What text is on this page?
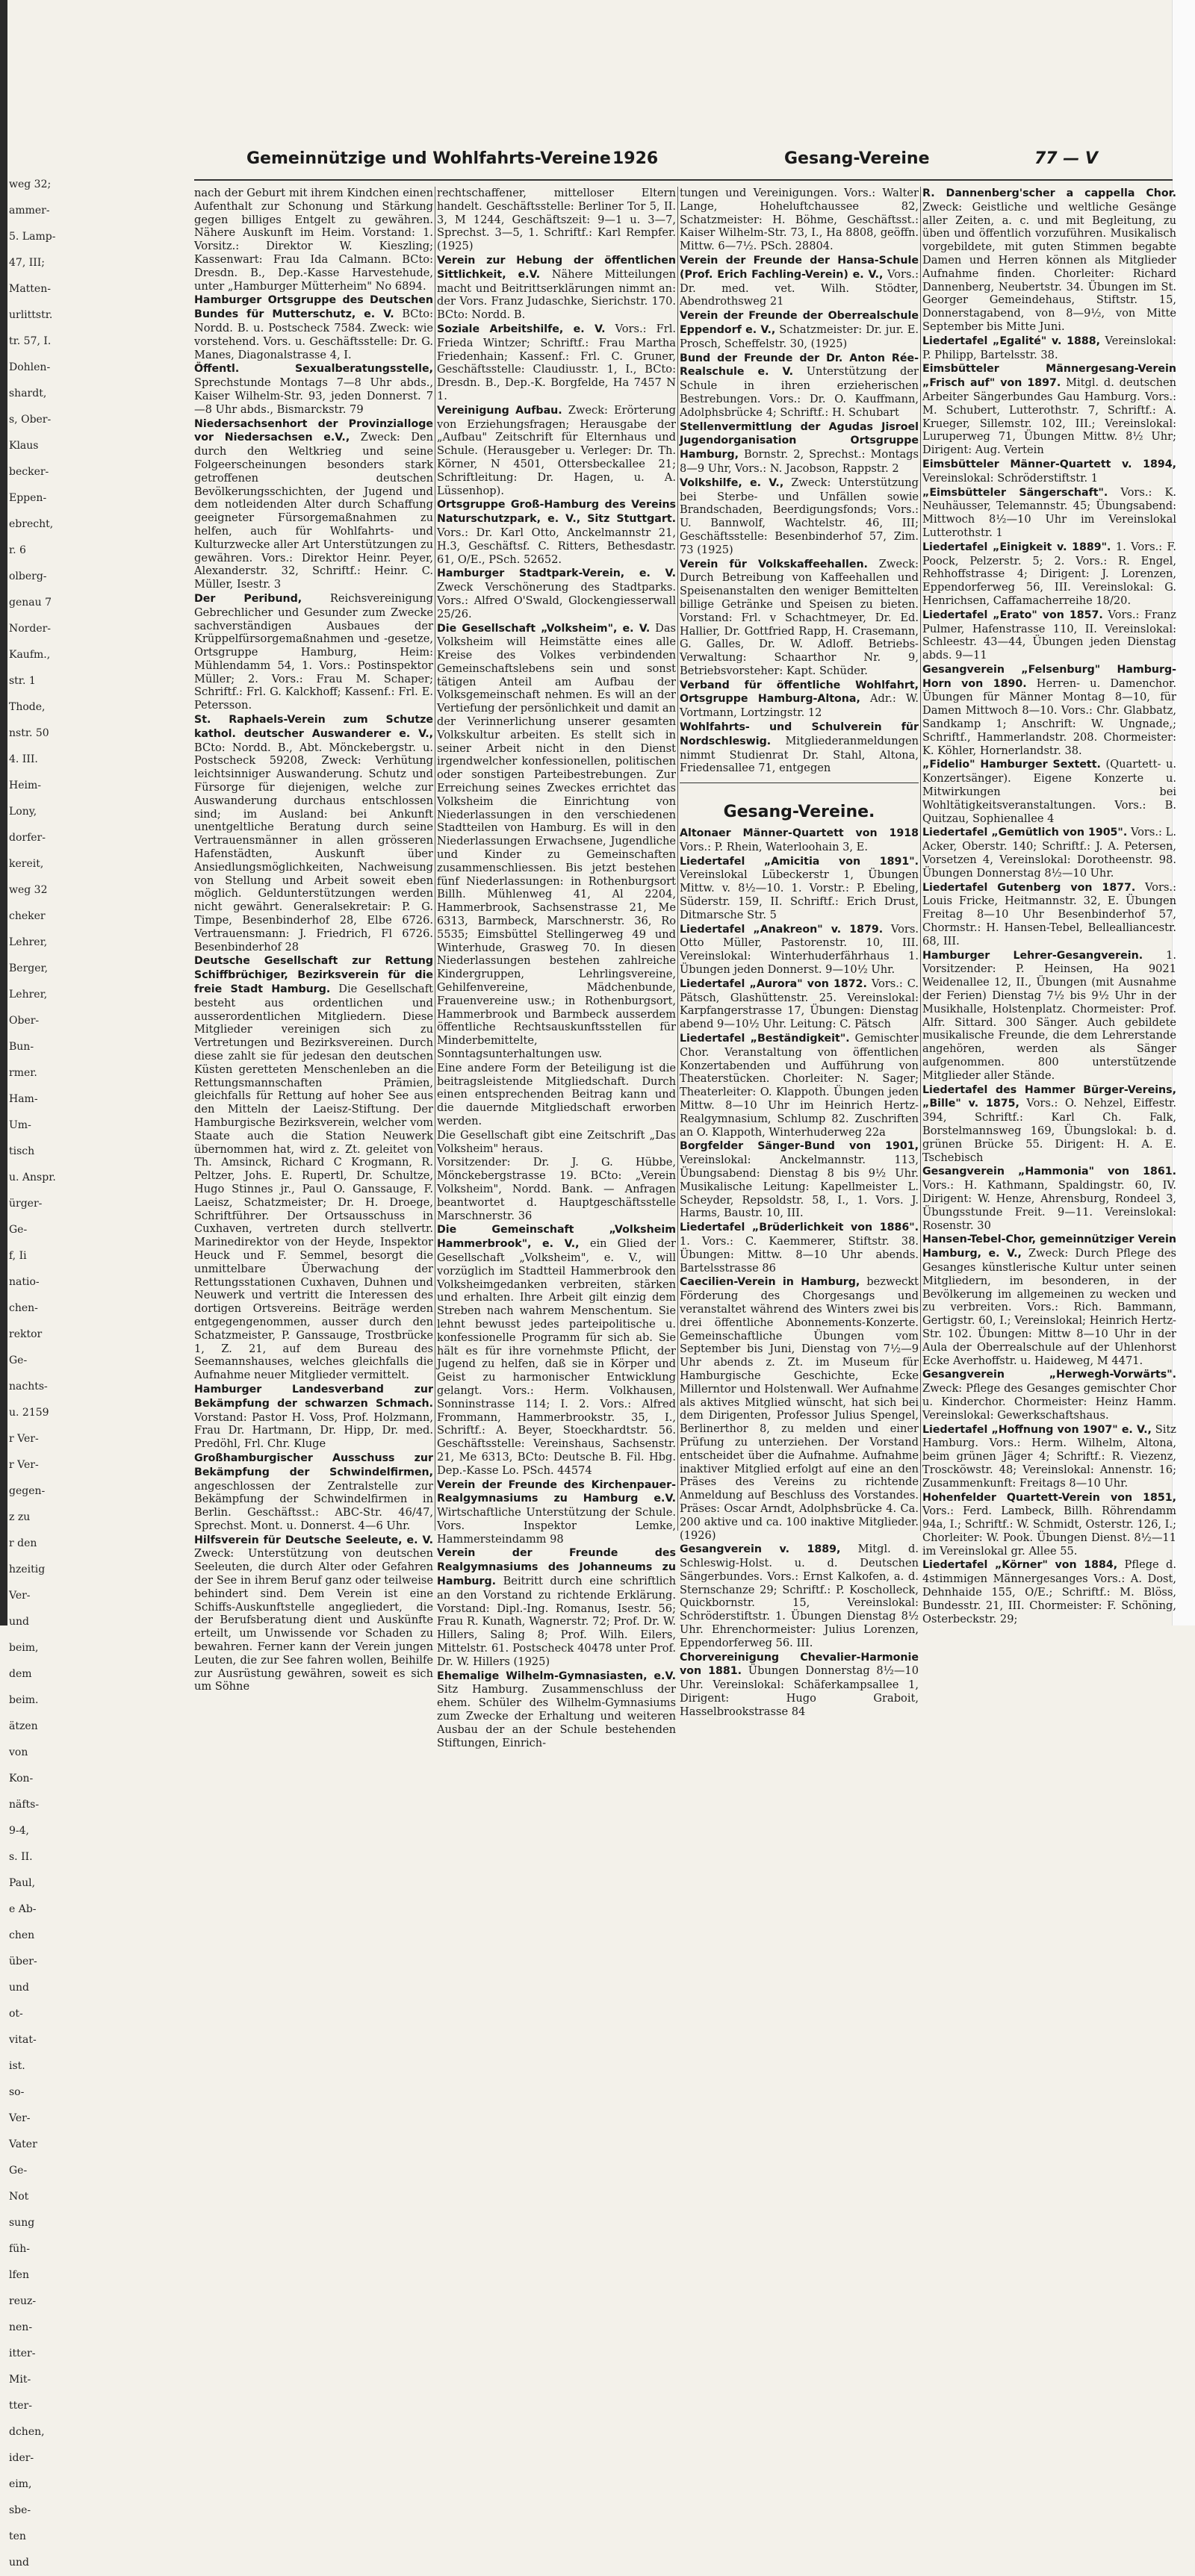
weg 32;
ammer-
5. Lamp-
47, III;
Matten-
urlittstr.
tr. 57, I.
Dohlen-
shardt,
s, Ober-
Klaus
becker-
Eppen-
ebrecht,
r. 6
olberg-
genau 7
Norder-
Kaufm.,
str. 1
Thode,
nstr. 50
4. III.
Heim-
Lony,
dorfer-
kereit,
weg 32
cheker
Lehrer,
Berger,
Lehrer,
Ober-
Bun-
rmer.
Ham-
Um-
tisch
u. Anspr.
ürger-
Ge-
f, Ii
natio-
chen-
rektor
Ge-
nachts-
u. 2159
r Ver-
r Ver-
gegen-
z zu
r den
hzeitig
Ver-
und
beim,
dem
beim.
ätzen
von
Kon-
näfts-
9-4,
s. II.
Paul,
e Ab-
chen
über-
und
ot-
vitat-
ist.
so-
Ver-
Vater
Ge-
Not
sung
füh-
lfen
reuz-
nen-
itter-
Mit-
tter-
dchen,
ider-
eim,
sbe-
ten
und
Gemeinnützige und Wohlfahrts-Vereine 1926	Gesang-Vereine	77 — V
nach der Geburt mit ihrem Kindchen einen Aufenthalt zur Schonung und Stärkung gegen billiges Entgelt zu gewähren. Nähere Auskunft im Heim. Vorstand: 1. Vorsitz.: Direktor W. Kieszling; Kassenwart: Frau Ida Calmann. BCto: Dresdn. B., Dep.-Kasse Harvestehude, unter „Hamburger Mütterheim" No 6894.
Hamburger Ortsgruppe des Deutschen Bundes für Mutterschutz, e. V. BCto: Nordd. B. u. Postscheck 7584. Zweck: wie vorstehend. Vors. u. Geschäftsstelle: Dr. G. Manes, Diagonalstrasse 4, I.
Öffentl. Sexualberatungsstelle, Sprechstunde Montags 7—8 Uhr abds., Kaiser Wilhelm-Str. 93, jeden Donnerst. 7—8 Uhr abds., Bismarckstr. 79
Niedersachsenhort der Provinzialloge vor Niedersachsen e.V., Zweck: Den durch den Weltkrieg und seine Folgeerscheinungen besonders stark getroffenen deutschen Bevölkerungsschichten, der Jugend und dem notleidenden Alter durch Schaffung geeigneter Fürsorgemaßnahmen zu helfen, auch für Wohlfahrts- und Kulturzwecke aller Art Unterstützungen zu gewähren. Vors.: Direktor Heinr. Peyer, Alexanderstr. 32, Schriftf.: Heinr. C. Müller, Isestr. 3
Der Peribund,	Reichsvereinigung Gebrechlicher und Gesunder zum Zwecke sachverständigen Ausbaues der Krüppelfürsorgemaßnahmen und -gesetze, Ortsgruppe Hamburg, Heim: Mühlendamm 54, 1. Vors.: Postinspektor Müller; 2. Vors.: Frau M. Schaper; Schriftf.: Frl. G. Kalckhoff; Kassenf.: Frl. E. Petersson.
St. Raphaels-Verein zum Schutze kathol. deutscher Auswanderer e. V., BCto: Nordd. B., Abt. Mönckebergstr. u. Postscheck 59208, Zweck: Verhütung leichtsinniger Auswanderung. Schutz und Fürsorge für diejenigen, welche zur Auswanderung durchaus entschlossen sind; im Ausland: bei Ankunft unentgeltliche Beratung durch seine Vertrauensmänner in allen grösseren Hafenstädten, Auskunft über Ansiedlungsmöglichkeiten, Nachweisung von Stellung und Arbeit soweit eben möglich. Geldunterstützungen werden nicht gewährt. Generalsekretair: P. G. Timpe, Besenbinderhof 28, Elbe 6726. Vertrauensmann: J. Friedrich, Fl 6726. Besenbinderhof 28
Deutsche Gesellschaft zur Rettung Schiffbrüchiger, Bezirksverein für die freie Stadt Hamburg. Die Gesellschaft besteht aus ordentlichen und ausserordentlichen Mitgliedern. Diese Mitglieder vereinigen sich zu Vertretungen und Bezirksvereinen. Durch diese zahlt sie für jedesan den deutschen Küsten geretteten Menschenleben an die Rettungsmannschaften Prämien, gleichfalls für Rettung auf hoher See aus den Mitteln der Laeisz-Stiftung. Der Hamburgische Bezirksverein, welcher vom Staate auch die Station Neuwerk übernommen hat, wird z. Zt. geleitet von Th. Amsinck, Richard C Krogmann, R. Peltzer, Johs. E. Rupertl, Dr. Schultze, Hugo Stinnes jr., Paul O. Ganssauge, F. Laeisz, Schatzmeister; Dr. H. Droege, Schriftführer. Der Ortsausschuss in Cuxhaven, vertreten durch stellvertr. Marinedirektor von der Heyde, Inspektor Heuck und F. Semmel, besorgt die unmittelbare Überwachung der Rettungsstationen Cuxhaven, Duhnen und Neuwerk und vertritt die Interessen des dortigen Ortsvereins. Beiträge werden entgegengenommen, ausser durch den Schatzmeister, P. Ganssauge, Trostbrücke 1, Z. 21, auf dem Bureau des Seemannshauses, welches gleichfalls die Aufnahme neuer Mitglieder vermittelt.
Hamburger Landesverband zur Bekämpfung der schwarzen Schmach. Vorstand: Pastor H. Voss, Prof. Holzmann, Frau Dr. Hartmann, Dr. Hipp, Dr. med. Predöhl, Frl. Chr. Kluge
Großhamburgischer Ausschuss zur Bekämpfung der Schwindelfirmen, angeschlossen der Zentralstelle zur Bekämpfung der Schwindelfirmen in Berlin. Geschäftsst.: ABC-Str. 46/47, Sprechst. Mont. u. Donnerst. 4—6 Uhr.
Hilfsverein für Deutsche Seeleute, e. V. Zweck: Unterstützung von deutschen Seeleuten, die durch Alter oder Gefahren der See in ihrem Beruf ganz oder teilweise behindert sind. Dem Verein ist eine Schiffs-Auskunftstelle angegliedert, die der Berufsberatung dient und Auskünfte erteilt, um Unwissende vor Schaden zu bewahren. Ferner kann der Verein jungen Leuten, die zur See fahren wollen, Beihilfe zur Ausrüstung gewähren, soweit es sich um Söhne
rechtschaffener, mittelloser Eltern handelt. Geschäftsstelle: Berliner Tor 5, II. 3, M 1244, Geschäftszeit: 9—1 u. 3—7, Sprechst. 3—5, 1. Schriftf.: Karl Rempfer. (1925)
Verein zur Hebung der öffentlichen Sittlichkeit, e.V. Nähere Mitteilungen macht und Beitrittserklärungen nimmt an: der Vors. Franz Judaschke, Sierichstr. 170. BCto: Nordd. B.
Soziale Arbeitshilfe, e. V. Vors.: Frl. Frieda Wintzer; Schriftf.: Frau Martha Friedenhain; Kassenf.: Frl. C. Gruner, Geschäftsstelle: Claudiusstr. 1, I., BCto: Dresdn. B., Dep.-K. Borgfelde, Ha 7457 N 1.
Vereinigung Aufbau. Zweck: Erörterung von Erziehungsfragen; Herausgabe der „Aufbau" Zeitschrift für Elternhaus und Schule. (Herausgeber u. Verleger: Dr. Th. Körner, N 4501, Ottersbeckallee 21; Schriftleitung: Dr. Hagen, u. A. Lüssenhop).
Ortsgruppe Groß-Hamburg des Vereins Naturschutzpark, e. V., Sitz Stuttgart. Vors.: Dr. Karl Otto, Anckelmannstr 21, H.3, Geschäftsf. C. Ritters, Bethesdastr. 61, O/E., PSch. 52652.
Hamburger Stadtpark-Verein, e. V. Zweck Verschönerung des Stadtparks. Vors.: Alfred O'Swald, Glockengiesserwall 25/26.
Die Gesellschaft „Volksheim", e. V. Das Volksheim will Heimstätte eines alle Kreise des Volkes verbindenden Gemeinschaftslebens sein und sonst tätigen Anteil am Aufbau der Volksgemeinschaft nehmen. Es will an der Vertiefung der persönlichkeit und damit an der Verinnerlichung unserer gesamten Volkskultur arbeiten. Es stellt sich in seiner Arbeit nicht in den Dienst irgendwelcher konfessionellen, politischen oder sonstigen Parteibestrebungen. Zur Erreichung seines Zweckes errichtet das Volksheim die Einrichtung von Niederlassungen in den verschiedenen Stadtteilen von Hamburg. Es will in den Niederlassungen Erwachsene, Jugendliche und Kinder zu Gemeinschaften zusammenschliessen. Bis jetzt bestehen fünf Niederlassungen: in Rothenburgsort Billh. Mühlenweg 41, Al 2204, Hammerbrook, Sachsenstrasse 21, Me 6313, Barmbeck, Marschnerstr. 36, Ro 5535; Eimsbüttel Stellingerweg 49 und Winterhude, Grasweg 70. In diesen Niederlassungen bestehen zahlreiche Kindergruppen, Lehrlingsvereine, Gehilfenvereine, Mädchenbunde, Frauenvereine usw.; in Rothenburgsort, Hammerbrook und Barmbeck ausserdem öffentliche Rechtsauskunftsstellen für Minderbemittelte, Sonntagsunterhaltungen usw.
Eine andere Form der Beteiligung ist die beitragsleistende Mitgliedschaft. Durch einen entsprechenden Beitrag kann und die dauernde Mitgliedschaft erworben werden.
Die Gesellschaft gibt eine Zeitschrift „Das Volksheim" heraus.
Vorsitzender: Dr. J. G. Hübbe, Mönckebergstrasse 19. BCto: „Verein Volksheim", Nordd. Bank. — Anfragen beantwortet d. Hauptgeschäftsstelle Marschnerstr. 36
Die Gemeinschaft „Volksheim Hammerbrook", e. V., ein Glied der Gesellschaft „Volksheim", e. V., will vorzüglich im Stadtteil Hammerbrook den Volksheimgedanken verbreiten, stärken und erhalten. Ihre Arbeit gilt einzig dem Streben nach wahrem Menschentum. Sie lehnt bewusst jedes parteipolitische u. konfessionelle Programm für sich ab. Sie hält es für ihre vornehmste Pflicht, der Jugend zu helfen, daß sie in Körper und Geist zu harmonischer Entwicklung gelangt. Vors.: Herm. Volkhausen, Sonninstrasse 114; I. 2. Vors.: Alfred Frommann, Hammerbrookstr. 35, I., Schriftf.: A. Beyer, Stoeckhardtstr. 56. Geschäftsstelle: Vereinshaus, Sachsenstr. 21, Me 6313, BCto: Deutsche B. Fil. Hbg. Dep.-Kasse Lo. PSch. 44574
Verein der Freunde des Kirchenpauer-Realgymnasiums zu Hamburg e.V. Wirtschaftliche Unterstützung der Schule. Vors. Inspektor Lemke, Hammersteindamm 98
Verein der Freunde des Realgymnasiums des Johanneums zu Hamburg. Beitritt durch eine schriftlich an den Vorstand zu richtende Erklärung. Vorstand: Dipl.-Ing. Romanus, Isestr. 56; Frau R. Kunath, Wagnerstr. 72; Prof. Dr. W. Hillers, Saling 8; Prof. Wilh. Eilers, Mittelstr. 61. Postscheck 40478 unter Prof. Dr. W. Hillers (1925)
Ehemalige Wilhelm-Gymnasiasten, e.V. Sitz Hamburg. Zusammenschluss der ehem. Schüler des Wilhelm-Gymnasiums zum Zwecke der Erhaltung und weiteren Ausbau der an der Schule bestehenden Stiftungen, Einrich-
tungen und Vereinigungen. Vors.: Walter Lange, Hoheluftchaussee 82, Schatzmeister: H. Böhme, Geschäftsst.: Kaiser Wilhelm-Str. 73, I., Ha 8808, geöffn. Mittw. 6—7½. PSch. 28804.
Verein der Freunde der Hansa-Schule (Prof. Erich Fachling-Verein) e. V., Vors.: Dr. med. vet. Wilh. Stödter, Abendrothsweg 21
Verein der Freunde der Oberrealschule Eppendorf e. V., Schatzmeister: Dr. jur. E. Prosch, Scheffelstr. 30, (1925)
Bund der Freunde der Dr. Anton Rée-Realschule e. V. Unterstützung der Schule in ihren erzieherischen Bestrebungen. Vors.: Dr. O. Kauffmann, Adolphsbrücke 4; Schriftf.: H. Schubart
Stellenvermittlung der Agudas Jisroel Jugendorganisation Ortsgruppe Hamburg, Bornstr. 2, Sprechst.: Montags 8—9 Uhr, Vors.: N. Jacobson, Rappstr. 2
Volkshilfe, e. V., Zweck: Unterstützung bei Sterbe- und Unfällen sowie Brandschaden, Beerdigungsfonds; Vors.: U. Bannwolf, Wachtelstr. 46, III; Geschäftsstelle: Besenbinderhof 57, Zim. 73 (1925)
Verein für Volkskaffeehallen. Zweck: Durch Betreibung von Kaffeehallen und Speisenanstalten den weniger Bemittelten billige Getränke und Speisen zu bieten. Vorstand: Frl. v Schachtmeyer, Dr. Ed. Hallier, Dr. Gottfried Rapp, H. Crasemann, G. Galles, Dr. W. Adloff. Betriebs-Verwaltung: Schaarthor Nr. 9, Betriebsvorsteher: Kapt. Schüder.
Verband für öffentliche Wohlfahrt, Ortsgruppe Hamburg-Altona, Adr.: W. Vortmann, Lortzingstr. 12
Wohlfahrts- und Schulverein für Nordschleswig. Mitgliederanmeldungen nimmt Studienrat Dr. Stahl, Altona, Friedensallee 71, entgegen
Gesang-Vereine.
Altonaer Männer-Quartett von 1918 Vors.: P. Rhein, Waterloohain 3, E.
Liedertafel „Amicitia von 1891". Vereinslokal Lübeckerstr 1, Übungen Mittw. v. 8½—10. 1. Vorstr.: P. Ebeling, Süderstr. 159, II. Schriftf.: Erich Drust, Ditmarsche Str. 5
Liedertafel „Anakreon" v. 1879. Vors. Otto Müller, Pastorenstr. 10, III. Vereinslokal: Winterhuderfährhaus 1. Übungen jeden Donnerst. 9—10½ Uhr.
Liedertafel „Aurora" von 1872. Vors.: C. Pätsch, Glashüttenstr. 25. Vereinslokal: Karpfangerstrasse 17, Übungen: Dienstag abend 9—10½ Uhr. Leitung: C. Pätsch
Liedertafel „Beständigkeit". Gemischter Chor. Veranstaltung von öffentlichen Konzertabenden und Aufführung von Theaterstücken. Chorleiter: N. Sager; Theaterleiter: O. Klappoth. Übungen jeden Mittw. 8—10 Uhr im Heinrich Hertz-Realgymnasium, Schlump 82. Zuschriften an O. Klappoth, Winterhuderweg 22a
Borgfelder Sänger-Bund von 1901, Vereinslokal: Anckelmannstr. 113, Übungsabend: Dienstag 8 bis 9½ Uhr. Musikalische Leitung: Kapellmeister L. Scheyder, Repsoldstr. 58, I., 1. Vors. J. Harms, Baustr. 10, III.
Liedertafel „Brüderlichkeit von 1886". 1. Vors.: C. Kaemmerer, Stiftstr. 38. Übungen: Mittw. 8—10 Uhr abends. Bartelsstrasse 86
Caecilien-Verein in Hamburg, bezweckt Förderung des Chorgesangs und veranstaltet während des Winters zwei bis drei öffentliche Abonnements-Konzerte. Gemeinschaftliche Übungen vom September bis Juni, Dienstag von 7½—9 Uhr abends z. Zt. im Museum für Hamburgische Geschichte, Ecke Millerntor und Holstenwall. Wer Aufnahme als aktives Mitglied wünscht, hat sich bei dem Dirigenten, Professor Julius Spengel, Berlinerthor 8, zu melden und einer Prüfung zu unterziehen. Der Vorstand entscheidet über die Aufnahme. Aufnahme inaktiver Mitglied erfolgt auf eine an den Präses des Vereins zu richtende Anmeldung auf Beschluss des Vorstandes. Präses: Oscar Arndt, Adolphsbrücke 4. Ca. 200 aktive und ca. 100 inaktive Mitglieder. (1926)
Gesangverein v. 1889, Mitgl. d. Schleswig-Holst. u. d. Deutschen Sängerbundes. Vors.: Ernst Kalkofen, a. d. Sternschanze 29; Schriftf.: P. Koscholleck, Quickbornstr. 15, Vereinslokal: Schröderstiftstr. 1. Übungen Dienstag 8½ Uhr. Ehrenchormeister: Julius Lorenzen, Eppendorferweg 56. III.
Chorvereinigung Chevalier-Harmonie von 1881. Übungen Donnerstag 8½—10 Uhr. Vereinslokal: Schäferkampsallee 1, Dirigent: Hugo Graboit, Hasselbrookstrasse 84
R. Dannenberg'scher a cappella Chor. Zweck: Geistliche und weltliche Gesänge aller Zeiten, a. c. und mit Begleitung, zu üben und öffentlich vorzuführen. Musikalisch vorgebildete, mit guten Stimmen begabte Damen und Herren können als Mitglieder Aufnahme finden. Chorleiter: Richard Dannenberg, Neubertstr. 34. Übungen im St. Georger Gemeindehaus, Stiftstr. 15, Donnerstagabend, von 8—9½, von Mitte September bis Mitte Juni.
Liedertafel „Egalité" v. 1888, Vereinslokal: P. Philipp, Bartelsstr. 38.
Eimsbütteler Männergesang-Verein „Frisch auf" von 1897. Mitgl. d. deutschen Arbeiter Sängerbundes Gau Hamburg. Vors.: M. Schubert, Lutterothstr. 7, Schriftf.: A. Krueger, Sillemstr. 102, III.; Vereinslokal: Luruperweg 71, Übungen Mittw. 8½ Uhr; Dirigent: Aug. Vertein
Eimsbütteler Männer-Quartett v. 1894, Vereinslokal: Schröderstiftstr. 1
„Eimsbütteler Sängerschaft". Vors.: K. Neuhäusser, Telemannstr. 45; Übungsabend: Mittwoch 8½—10 Uhr im Vereinslokal Lutterothstr. 1
Liedertafel „Einigkeit v. 1889". 1. Vors.: F. Poock, Pelzerstr. 5; 2. Vors.: R. Engel, Rehhoffstrasse 4; Dirigent: J. Lorenzen, Eppendorferweg 56, III. Vereinslokal: G. Henrichsen, Caffamacherreihe 18/20.
Liedertafel „Erato" von 1857. Vors.: Franz Pulmer, Hafenstrasse 110, II. Vereinslokal: Schleestr. 43—44, Übungen jeden Dienstag abds. 9—11
Gesangverein „Felsenburg" Hamburg-Horn von 1890. Herren- u. Damenchor. Übungen für Männer Montag 8—10, für Damen Mittwoch 8—10. Vors.: Chr. Glabbatz, Sandkamp 1; Anschrift: W. Ungnade,; Schriftf., Hammerlandstr. 208. Chormeister: K. Köhler, Hornerlandstr. 38.
„Fidelio" Hamburger Sextett. (Quartett- u. Konzertsänger). Eigene Konzerte u. Mitwirkungen bei Wohltätigkeitsveranstaltungen. Vors.: B. Quitzau, Sophienallee 4
Liedertafel „Gemütlich von 1905". Vors.: L. Acker, Oberstr. 140; Schriftf.: J. A. Petersen, Vorsetzen 4, Vereinslokal: Dorotheenstr. 98. Übungen Donnerstag 8½—10 Uhr.
Liedertafel Gutenberg von 1877. Vors.: Louis Fricke, Heitmannstr. 32, E. Übungen Freitag 8—10 Uhr Besenbinderhof 57, Chormstr.: H. Hansen-Tebel, Bellealliancestr. 68, III.
Hamburger Lehrer-Gesangverein. 1. Vorsitzender: P. Heinsen, Ha 9021 Weidenallee 12, II., Übungen (mit Ausnahme der Ferien) Dienstag 7½ bis 9½ Uhr in der Musikhalle, Holstenplatz. Chormeister: Prof. Alfr. Sittard. 300 Sänger. Auch gebildete musikalische Freunde, die dem Lehrerstande angehören, werden als Sänger aufgenommen. 800 unterstützende Mitglieder aller Stände.
Liedertafel des Hammer Bürger-Vereins, „Bille" v. 1875, Vors.: O. Nehzel, Eiffestr. 394, Schriftf.: Karl Ch. Falk, Borstelmannsweg 169, Übungslokal: b. d. grünen Brücke 55. Dirigent: H. A. E. Tschebisch
Gesangverein „Hammonia" von 1861. Vors.: H. Kathmann, Spaldingstr. 60, IV. Dirigent: W. Henze, Ahrensburg, Rondeel 3, Übungsstunde Freit. 9—11. Vereinslokal: Rosenstr. 30
Hansen-Tebel-Chor, gemeinnütziger Verein Hamburg, e. V., Zweck: Durch Pflege des Gesanges künstlerische Kultur unter seinen Mitgliedern, im besonderen, in der Bevölkerung im allgemeinen zu wecken und zu verbreiten. Vors.: Rich. Bammann, Gertigstr. 60, I.; Vereinslokal; Heinrich Hertz-Str. 102. Übungen: Mittw 8—10 Uhr in der Aula der Oberrealschule auf der Uhlenhorst Ecke Averhoffstr. u. Haideweg, M 4471.
Gesangverein „Herwegh-Vorwärts". Zweck: Pflege des Gesanges gemischter Chor u. Kinderchor. Chormeister: Heinz Hamm. Vereinslokal: Gewerkschaftshaus.
Liedertafel „Hoffnung von 1907" e. V., Sitz Hamburg. Vors.: Herm. Wilhelm, Altona, beim grünen Jäger 4; Schriftf.: R. Viezenz, Troscköwstr. 48; Vereinslokal: Annenstr. 16; Zusammenkunft: Freitags 8—10 Uhr.
Hohenfelder Quartett-Verein von 1851, Vors.: Ferd. Lambeck, Billh. Röhrendamm 94a, I.; Schriftf.: W. Schmidt, Osterstr. 126, I.; Chorleiter: W. Pook. Übungen Dienst. 8½—11 im Vereinslokal gr. Allee 55.
Liedertafel „Körner" von 1884, Pflege d. 4stimmigen Männergesanges Vors.: A. Dost, Dehnhaide 155, O/E.; Schriftf.: M. Blöss, Bundesstr. 21, III. Chormeister: F. Schöning, Osterbeckstr. 29;
